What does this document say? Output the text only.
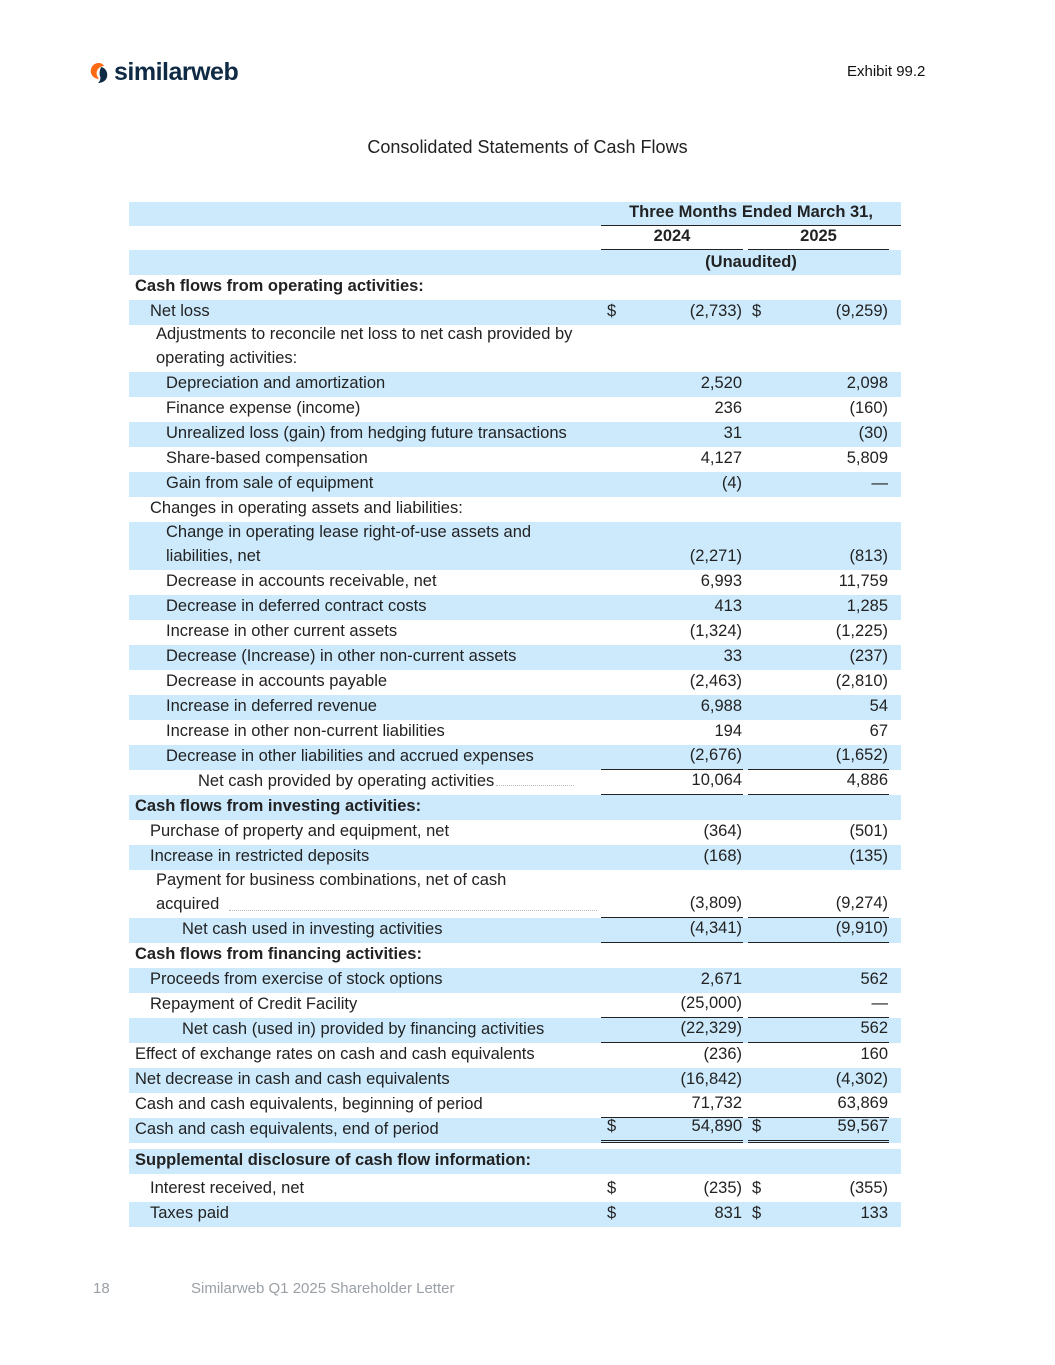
similarweb	Exhibit 99.2
Consolidated Statements of Cash Flows
Three Months Ended March 31,
2024	2025
(Unaudited)
Cash flows from operating activities:
Net loss	$	(2,733) $	(9,259)
Adjustments to reconcile net loss to net cash provided by operating activities:
Depreciation and amortization	2,520	2,098
Finance expense (income)	236	(160)
Unrealized loss (gain) from hedging future transactions	31	(30)
Share-based compensation	4,127	5,809
Gain from sale of equipment	(4)	—
Changes in operating assets and liabilities:
Change in operating lease right-of-use assets and liabilities, net	(2,271)	(813)
Decrease in accounts receivable, net	6,993	11,759
Decrease in deferred contract costs	413	1,285
Increase in other current assets	(1,324)	(1,225)
Decrease (Increase) in other non-current assets	33	(237)
Decrease in accounts payable	(2,463)	(2,810)
Increase in deferred revenue	6,988	54
Increase in other non-current liabilities	194	67
Decrease in other liabilities and accrued expenses	(2,676)	(1,652)
Net cash provided by operating activities	10,064	4,886
Cash flows from investing activities:
Purchase of property and equipment, net	(364)	(501)
Increase in restricted deposits	(168)	(135)
Payment for business combinations, net of cash acquired	(3,809)	(9,274)
Net cash used in investing activities	(4,341)	(9,910)
Cash flows from financing activities:
Proceeds from exercise of stock options	2,671	562
Repayment of Credit Facility	(25,000)	—
Net cash (used in) provided by financing activities	(22,329)	562
Effect of exchange rates on cash and cash equivalents	(236)	160
Net decrease in cash and cash equivalents	(16,842)	(4,302)
Cash and cash equivalents, beginning of period	71,732	63,869
Cash and cash equivalents, end of period	$	54,890 $	59,567
Supplemental disclosure of cash flow information:
Interest received, net	$	(235) $	(355)
Taxes paid	$	831 $	133
18	Similarweb Q1 2025 Shareholder Letter
